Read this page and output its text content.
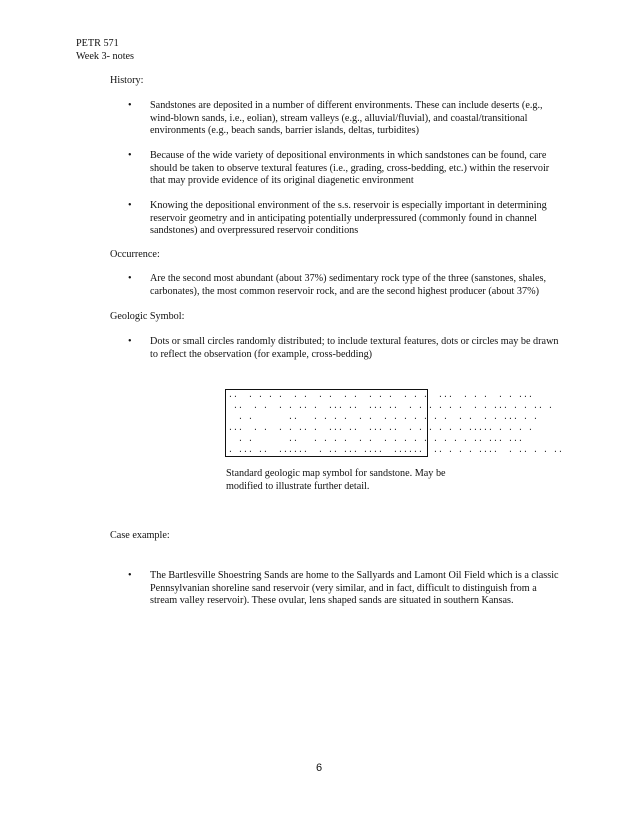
PETR 571
Week 3- notes
History:
• Sandstones are deposited in a number of different environments. These can include deserts (e.g., wind-blown sands, i.e., eolian), stream valleys (e.g., alluvial/fluvial), and coastal/transitional environments (e.g., beach sands, barrier islands, deltas, turbidites)
• Because of the wide variety of depositional environments in which sandstones can be found, care should be taken to observe textural features (i.e., grading, cross-bedding, etc.) within the reservoir that may provide evidence of its original diagenetic environment
• Knowing the depositional environment of the s.s. reservoir is especially important in determining reservoir geometry and in anticipating potentially underpressured (commonly found in channel sandstones) and overpressured reservoir conditions
Occurrence:
• Are the second most abundant (about 37%) sedimentary rock type of the three (sanstones, shales, carbonates), the most common reservoir rock, and are the second highest producer (about 37%)
Geologic Symbol:
• Dots or small circles randomly distributed; to include textural features, dots or circles may be drawn to reflect the observation (for example, cross-bedding)
..  . . . .  . .  . .  . .  . . .  . . .  ...  . . .  . . ...
..  . .  . . .. .  ... ..  ... ..  . . . . . .  . . ... . . .. .
. .       ..   . . . .  . .  . . . . . . .  . .  . . ... . .
...  . .  . . .. .  ... ..  ... ..  . . . . . . ..... . . . .
. .       ..   . . . .  . .  . . . . . . . . . .. ... ...
. ... ..  ......  . .. ... ....  ......  .. . . . ....  . .. . . ..
Standard geologic map symbol for sandstone. May be modified to illustrate further detail.
Case example:
• The Bartlesville Shoestring Sands are home to the Sallyards and Lamont Oil Field which is a classic Pennsylvanian shoreline sand reservoir (very similar, and in fact, difficult to distinguish from a stream valley reservoir). These ovular, lens shaped sands are situated in southern Kansas.
6
